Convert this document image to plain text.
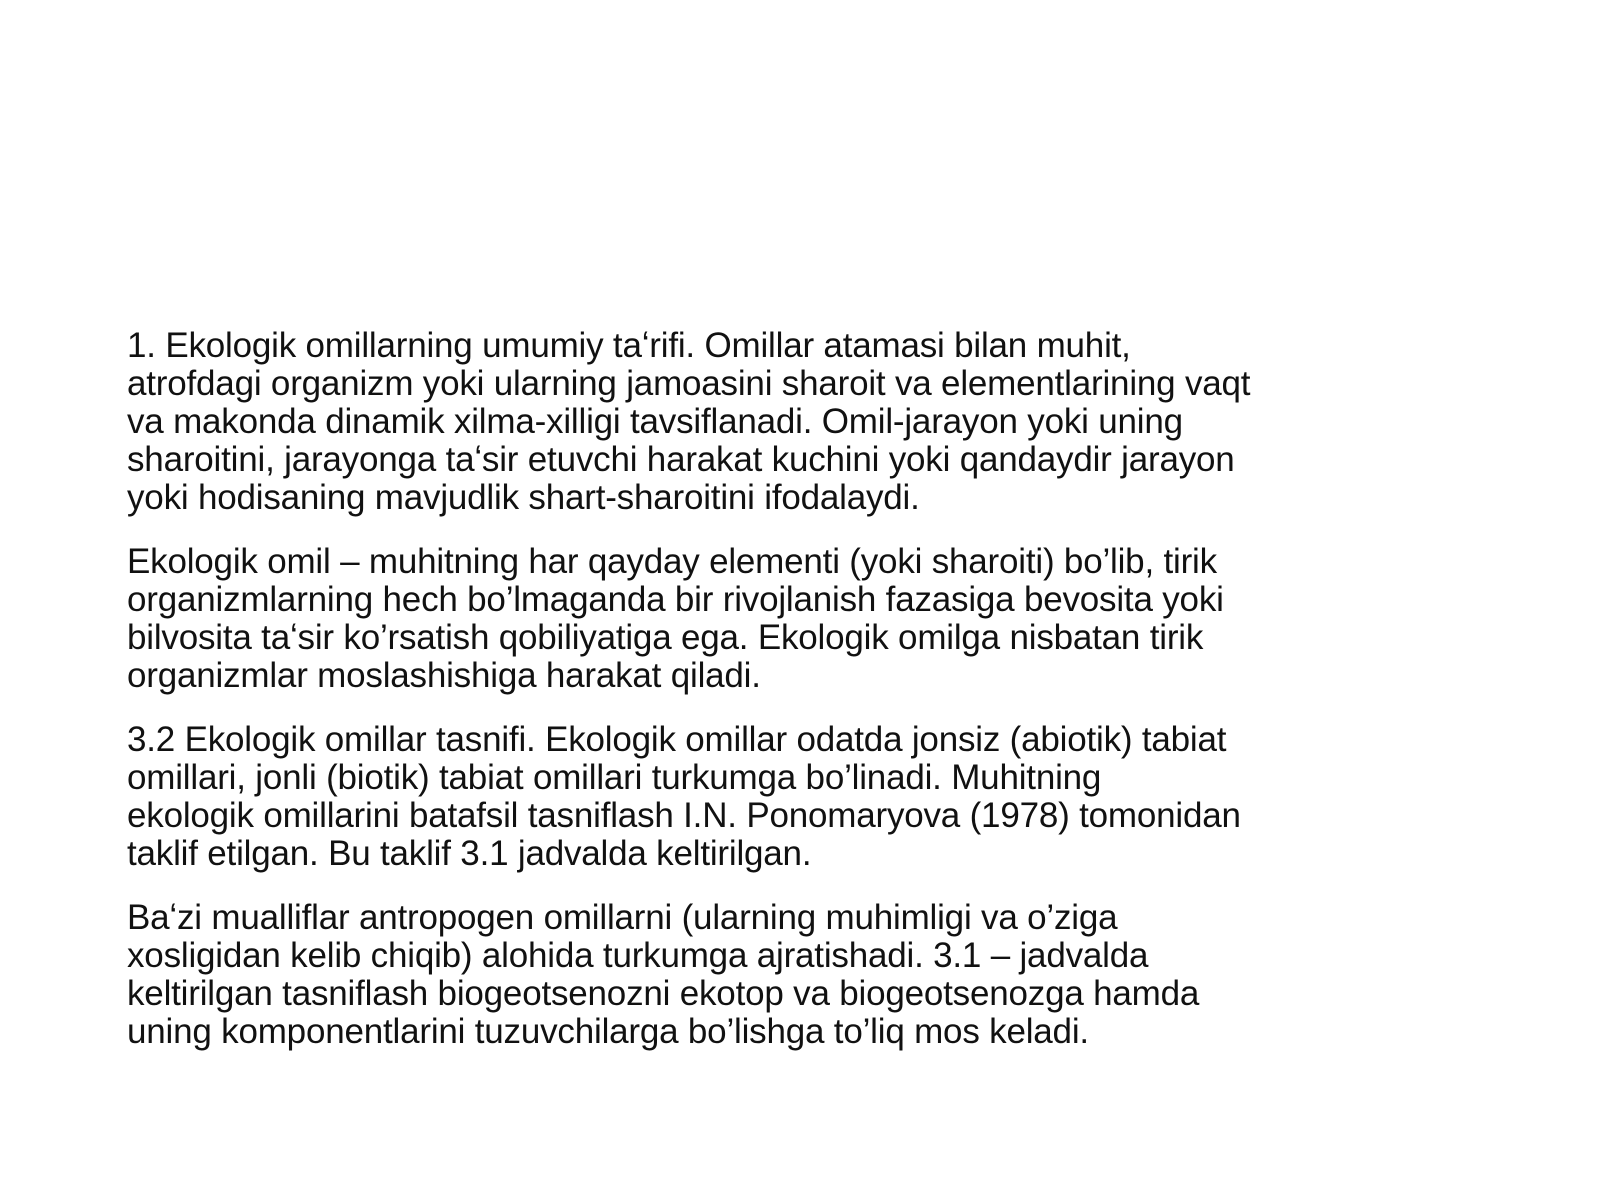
1. Ekologik omillarning umumiy taʻrifi. Omillar atamasi bilan muhit,
atrofdagi organizm yoki ularning jamoasini sharoit va elementlarining vaqt
va makonda dinamik xilma-xilligi tavsiflanadi. Omil-jarayon yoki uning
sharoitini, jarayonga taʻsir etuvchi harakat kuchini yoki qandaydir jarayon
yoki hodisaning mavjudlik shart-sharoitini ifodalaydi.

Ekologik omil – muhitning har qayday elementi (yoki sharoiti) bo’lib, tirik
organizmlarning hech bo’lmaganda bir rivojlanish fazasiga bevosita yoki
bilvosita taʻsir ko’rsatish qobiliyatiga ega. Ekologik omilga nisbatan tirik
organizmlar moslashishiga harakat qiladi.

3.2 Ekologik omillar tasnifi. Ekologik omillar odatda jonsiz (abiotik) tabiat
omillari, jonli (biotik) tabiat omillari turkumga bo’linadi. Muhitning
ekologik omillarini batafsil tasniflash I.N. Ponomaryova (1978) tomonidan
taklif etilgan. Bu taklif 3.1 jadvalda keltirilgan.

Baʻzi mualliflar antropogen omillarni (ularning muhimligi va o’ziga
xosligidan kelib chiqib) alohida turkumga ajratishadi. 3.1 – jadvalda
keltirilgan tasniflash biogeotsenozni ekotop va biogeotsenozga hamda
uning komponentlarini tuzuvchilarga bo’lishga to’liq mos keladi.
